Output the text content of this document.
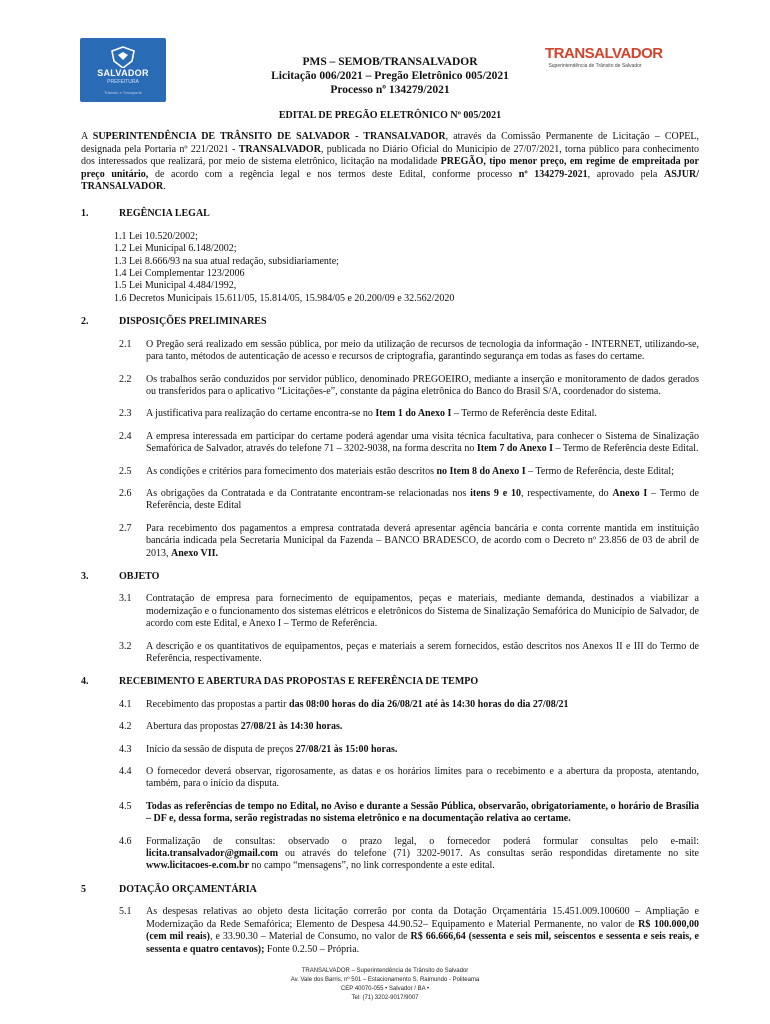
SALVADOR
PREFEITURA
Trânsito e Transporte
TRANSALVADOR
Superintendência de Trânsito de Salvador
PMS – SEMOB/TRANSALVADOR
Licitação 006/2021 – Pregão Eletrônico 005/2021
Processo nº 134279/2021
EDITAL DE PREGÃO ELETRÔNICO Nº 005/2021

A SUPERINTENDÊNCIA DE TRÂNSITO DE SALVADOR - TRANSALVADOR, através da Comissão Permanente de Licitação – COPEL, designada pela Portaria nº 221/2021 - TRANSALVADOR, publicada no Diário Oficial do Município de 27/07/2021, torna público para conhecimento dos interessados que realizará, por meio de sistema eletrônico, licitação na modalidade PREGÃO, tipo menor preço, em regime de empreitada por preço unitário, de acordo com a regência legal e nos termos deste Edital, conforme processo nº 134279-2021, aprovado pela ASJUR/ TRANSALVADOR.

1.	REGÊNCIA LEGAL
1.1 Lei 10.520/2002;
1.2 Lei Municipal 6.148/2002;
1.3 Lei 8.666/93 na sua atual redação, subsidiariamente;
1.4 Lei Complementar 123/2006
1.5 Lei Municipal 4.484/1992,
1.6 Decretos Municipais 15.611/05, 15.814/05, 15.984/05 e 20.200/09 e 32.562/2020
2.	DISPOSIÇÕES PRELIMINARES
2.1	O Pregão será realizado em sessão pública, por meio da utilização de recursos de tecnologia da informação - INTERNET, utilizando-se, para tanto, métodos de autenticação de acesso e recursos de criptografia, garantindo segurança em todas as fases do certame.
2.2	Os trabalhos serão conduzidos por servidor público, denominado PREGOEIRO, mediante a inserção e monitoramento de dados gerados ou transferidos para o aplicativo “Licitações-e”, constante da página eletrônica do Banco do Brasil S/A, coordenador do sistema.
2.3	A justificativa para realização do certame encontra-se no Item 1 do Anexo I – Termo de Referência deste Edital.
2.4	A empresa interessada em participar do certame poderá agendar uma visita técnica facultativa, para conhecer o Sistema de Sinalização Semafórica de Salvador, através do telefone 71 – 3202-9038, na forma descrita no Item 7 do Anexo I – Termo de Referência deste Edital.
2.5	As condições e critérios para fornecimento dos materiais estão descritos no Item 8 do Anexo I – Termo de Referência, deste Edital;
2.6	As obrigações da Contratada e da Contratante encontram-se relacionadas nos itens 9 e 10, respectivamente, do Anexo I – Termo de Referência, deste Edital
2.7	Para recebimento dos pagamentos a empresa contratada deverá apresentar agência bancária e conta corrente mantida em instituição bancária indicada pela Secretaria Municipal da Fazenda – BANCO BRADESCO, de acordo com o Decreto nº 23.856 de 03 de abril de 2013, Anexo VII.
3.	OBJETO
3.1	Contratação de empresa para fornecimento de equipamentos, peças e materiais, mediante demanda, destinados a viabilizar a modernização e o funcionamento dos sistemas elétricos e eletrônicos do Sistema de Sinalização Semafórica do Município de Salvador, de acordo com este Edital, e Anexo I – Termo de Referência.
3.2	A descrição e os quantitativos de equipamentos, peças e materiais a serem fornecidos, estão descritos nos Anexos II e III do Termo de Referência, respectivamente.
4.	RECEBIMENTO E ABERTURA DAS PROPOSTAS E REFERÊNCIA DE TEMPO
4.1	Recebimento das propostas a partir das 08:00 horas do dia 26/08/21 até às 14:30 horas do dia 27/08/21
4.2	Abertura das propostas 27/08/21 às 14:30 horas.
4.3	Início da sessão de disputa de preços 27/08/21 às 15:00 horas.
4.4	O fornecedor deverá observar, rigorosamente, as datas e os horários limites para o recebimento e a abertura da proposta, atentando, também, para o início da disputa.
4.5	Todas as referências de tempo no Edital, no Aviso e durante a Sessão Pública, observarão, obrigatoriamente, o horário de Brasília – DF e, dessa forma, serão registradas no sistema eletrônico e na documentação relativa ao certame.
4.6	Formalização de consultas: observado o prazo legal, o fornecedor poderá formular consultas pelo e-mail: licita.transalvador@gmail.com ou através do telefone (71) 3202-9017. As consultas serão respondidas diretamente no site www.licitacoes-e.com.br no campo “mensagens”, no link correspondente a este edital.
5	DOTAÇÃO ORÇAMENTÁRIA
5.1	As despesas relativas ao objeto desta licitação correrão por conta da Dotação Orçamentária 15.451.009.100600 – Ampliação e Modernização da Rede Semafórica; Elemento de Despesa 44.90.52– Equipamento e Material Permanente, no valor de R$ 100.000,00 (cem mil reais), e 33.90.30 – Material de Consumo, no valor de R$ 66.666,64 (sessenta e seis mil, seiscentos e sessenta e seis reais, e sessenta e quatro centavos); Fonte 0.2.50 – Própria.
TRANSALVADOR – Superintendência de Trânsito do Salvador
Av. Vale dos Barris, nº 501 – Estacionamento S. Raimundo - Politeama
CEP 40070-055 • Salvador / BA •
Tel: (71) 3202-9017/9007
